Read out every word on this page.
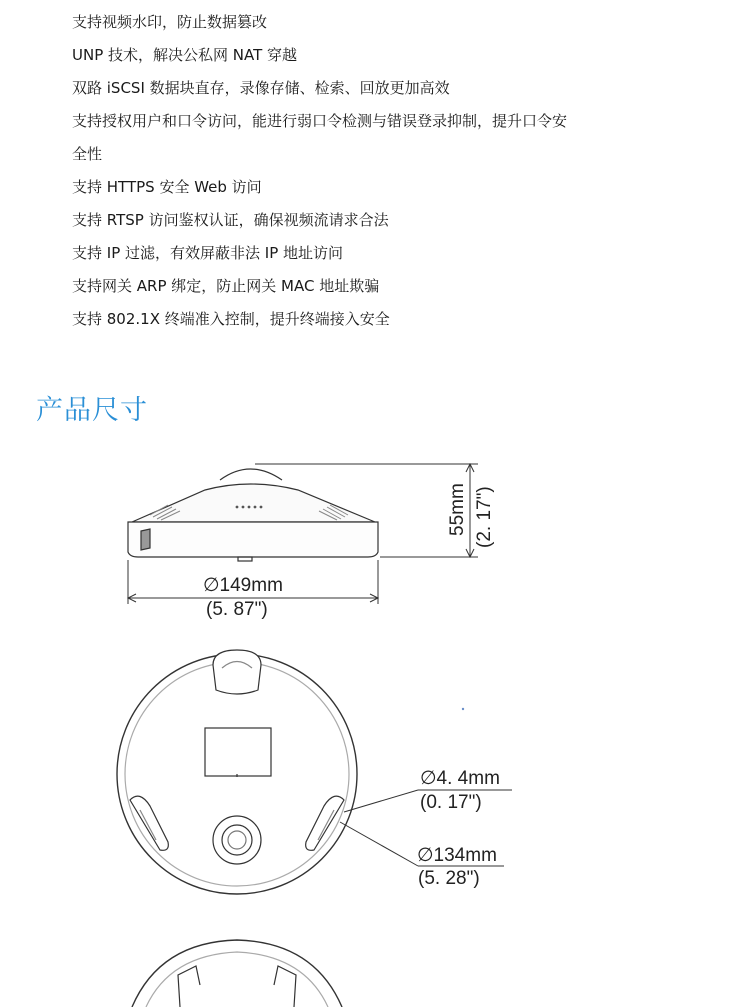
支持视频水印，防止数据篡改
UNP 技术，解决公私网 NAT 穿越
双路 iSCSI 数据块直存，录像存储、检索、回放更加高效
支持授权用户和口令访问，能进行弱口令检测与错误登录抑制，提升口令安
全性
支持 HTTPS 安全 Web 访问
支持 RTSP 访问鉴权认证，确保视频流请求合法
支持 IP 过滤，有效屏蔽非法 IP 地址访问
支持网关 ARP 绑定，防止网关 MAC 地址欺骗
支持 802.1X 终端准入控制，提升终端接入安全
产品尺寸
55mm (2. 17")
∅149mm
(5. 87")
∅4. 4mm
(0. 17")
∅134mm
(5. 28")
